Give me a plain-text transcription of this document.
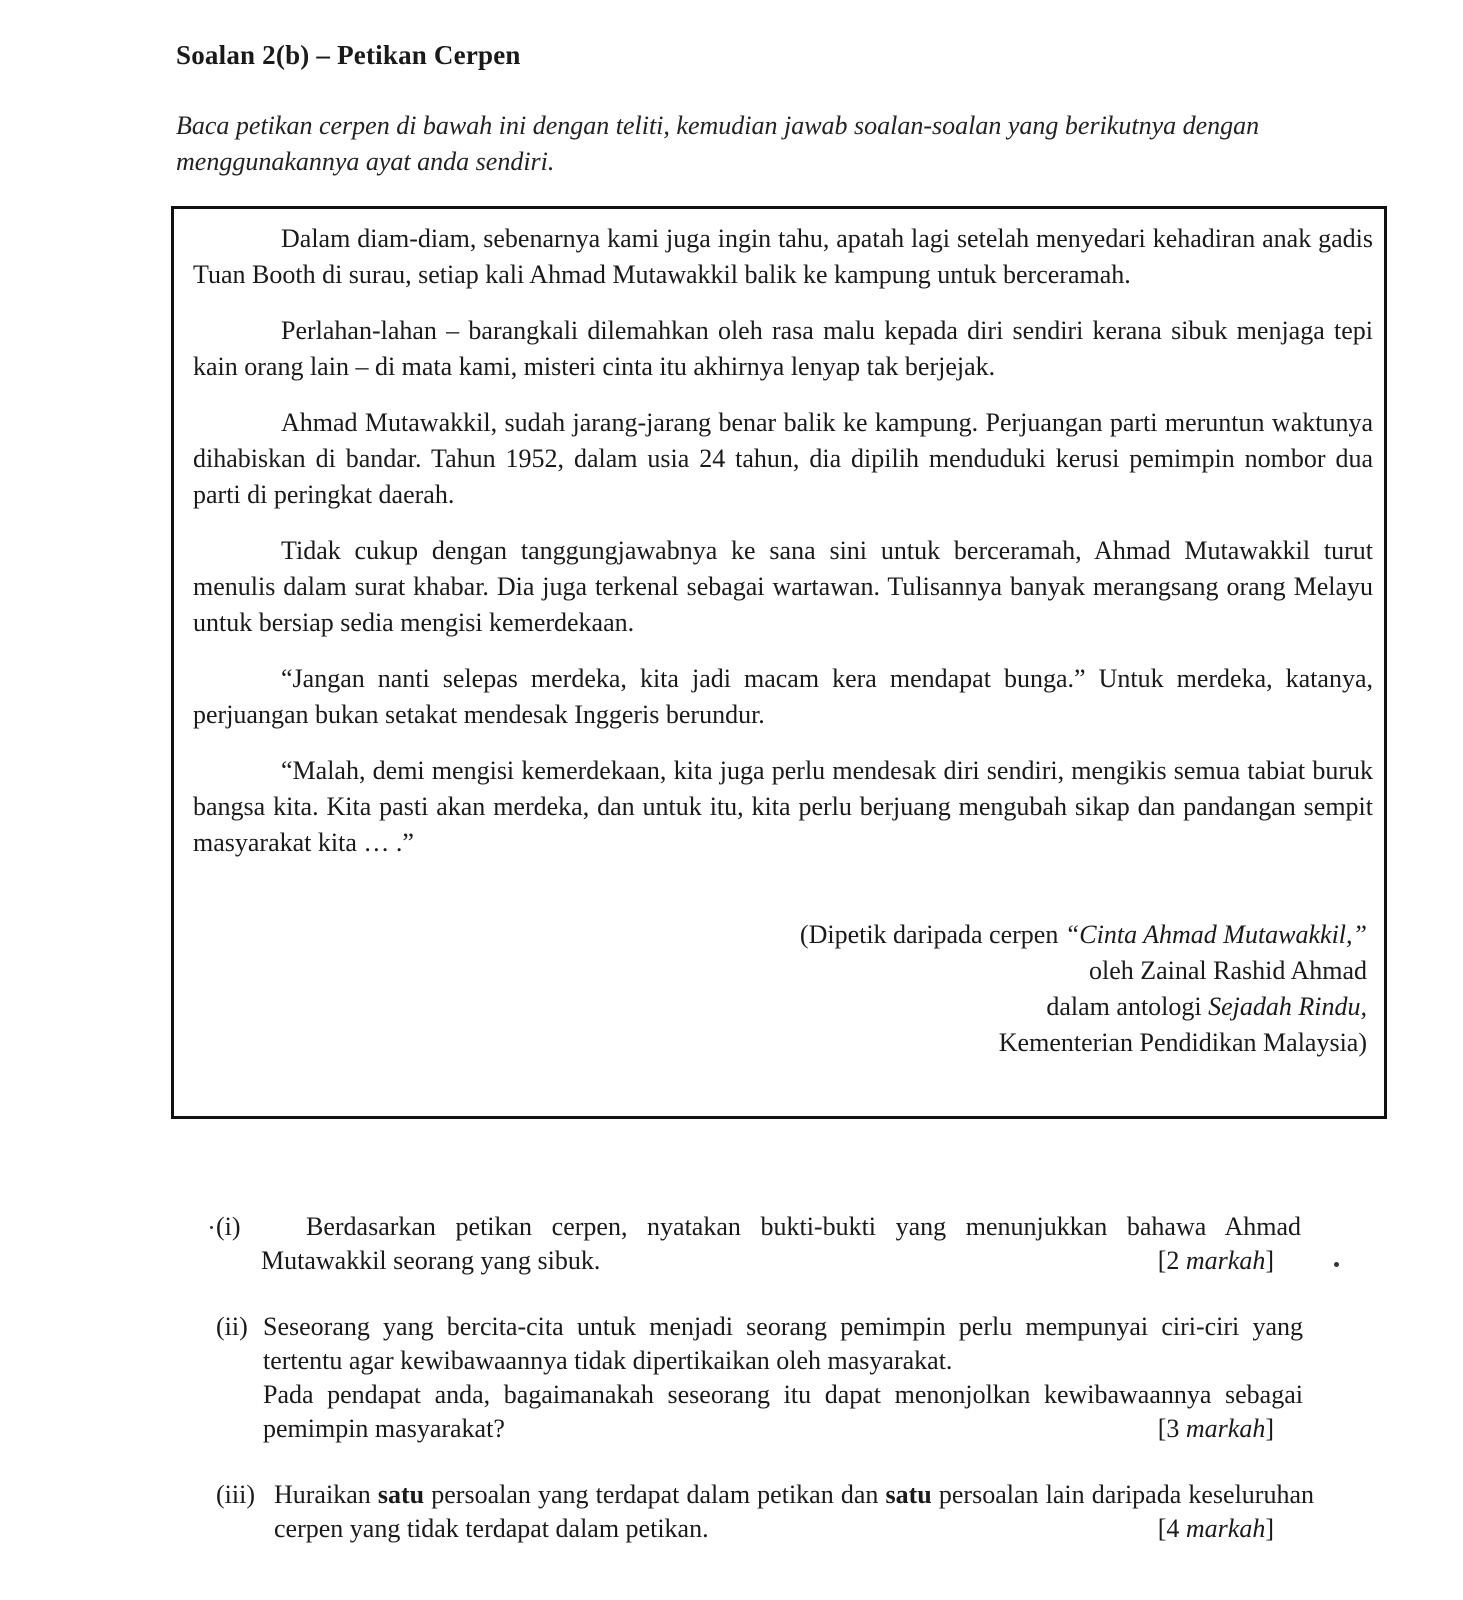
Soalan 2(b) – Petikan Cerpen
Baca petikan cerpen di bawah ini dengan teliti, kemudian jawab soalan-soalan yang berikutnya dengan menggunakannya ayat anda sendiri.

Dalam diam-diam, sebenarnya kami juga ingin tahu, apatah lagi setelah menyedari kehadiran anak gadis Tuan Booth di surau, setiap kali Ahmad Mutawakkil balik ke kampung untuk berceramah.

Perlahan-lahan – barangkali dilemahkan oleh rasa malu kepada diri sendiri kerana sibuk menjaga tepi kain orang lain – di mata kami, misteri cinta itu akhirnya lenyap tak berjejak.

Ahmad Mutawakkil, sudah jarang-jarang benar balik ke kampung. Perjuangan parti meruntun waktunya dihabiskan di bandar. Tahun 1952, dalam usia 24 tahun, dia dipilih menduduki kerusi pemimpin nombor dua parti di peringkat daerah.

Tidak cukup dengan tanggungjawabnya ke sana sini untuk berceramah, Ahmad Mutawakkil turut menulis dalam surat khabar. Dia juga terkenal sebagai wartawan. Tulisannya banyak merangsang orang Melayu untuk bersiap sedia mengisi kemerdekaan.

“Jangan nanti selepas merdeka, kita jadi macam kera mendapat bunga.” Untuk merdeka, katanya, perjuangan bukan setakat mendesak Inggeris berundur.

“Malah, demi mengisi kemerdekaan, kita juga perlu mendesak diri sendiri, mengikis semua tabiat buruk bangsa kita. Kita pasti akan merdeka, dan untuk itu, kita perlu berjuang mengubah sikap dan pandangan sempit masyarakat kita … .”

(Dipetik daripada cerpen “Cinta Ahmad Mutawakkil,”
oleh Zainal Rashid Ahmad
dalam antologi Sejadah Rindu,
Kementerian Pendidikan Malaysia)
(i)	Berdasarkan petikan cerpen, nyatakan bukti-bukti yang menunjukkan bahawa Ahmad Mutawakkil seorang yang sibuk.	[2 markah]
(ii) Seseorang yang bercita-cita untuk menjadi seorang pemimpin perlu mempunyai ciri-ciri yang tertentu agar kewibawaannya tidak dipertikaikan oleh masyarakat.
Pada pendapat anda, bagaimanakah seseorang itu dapat menonjolkan kewibawaannya sebagai pemimpin masyarakat?	[3 markah]
(iii) Huraikan satu persoalan yang terdapat dalam petikan dan satu persoalan lain daripada keseluruhan cerpen yang tidak terdapat dalam petikan.	[4 markah]
